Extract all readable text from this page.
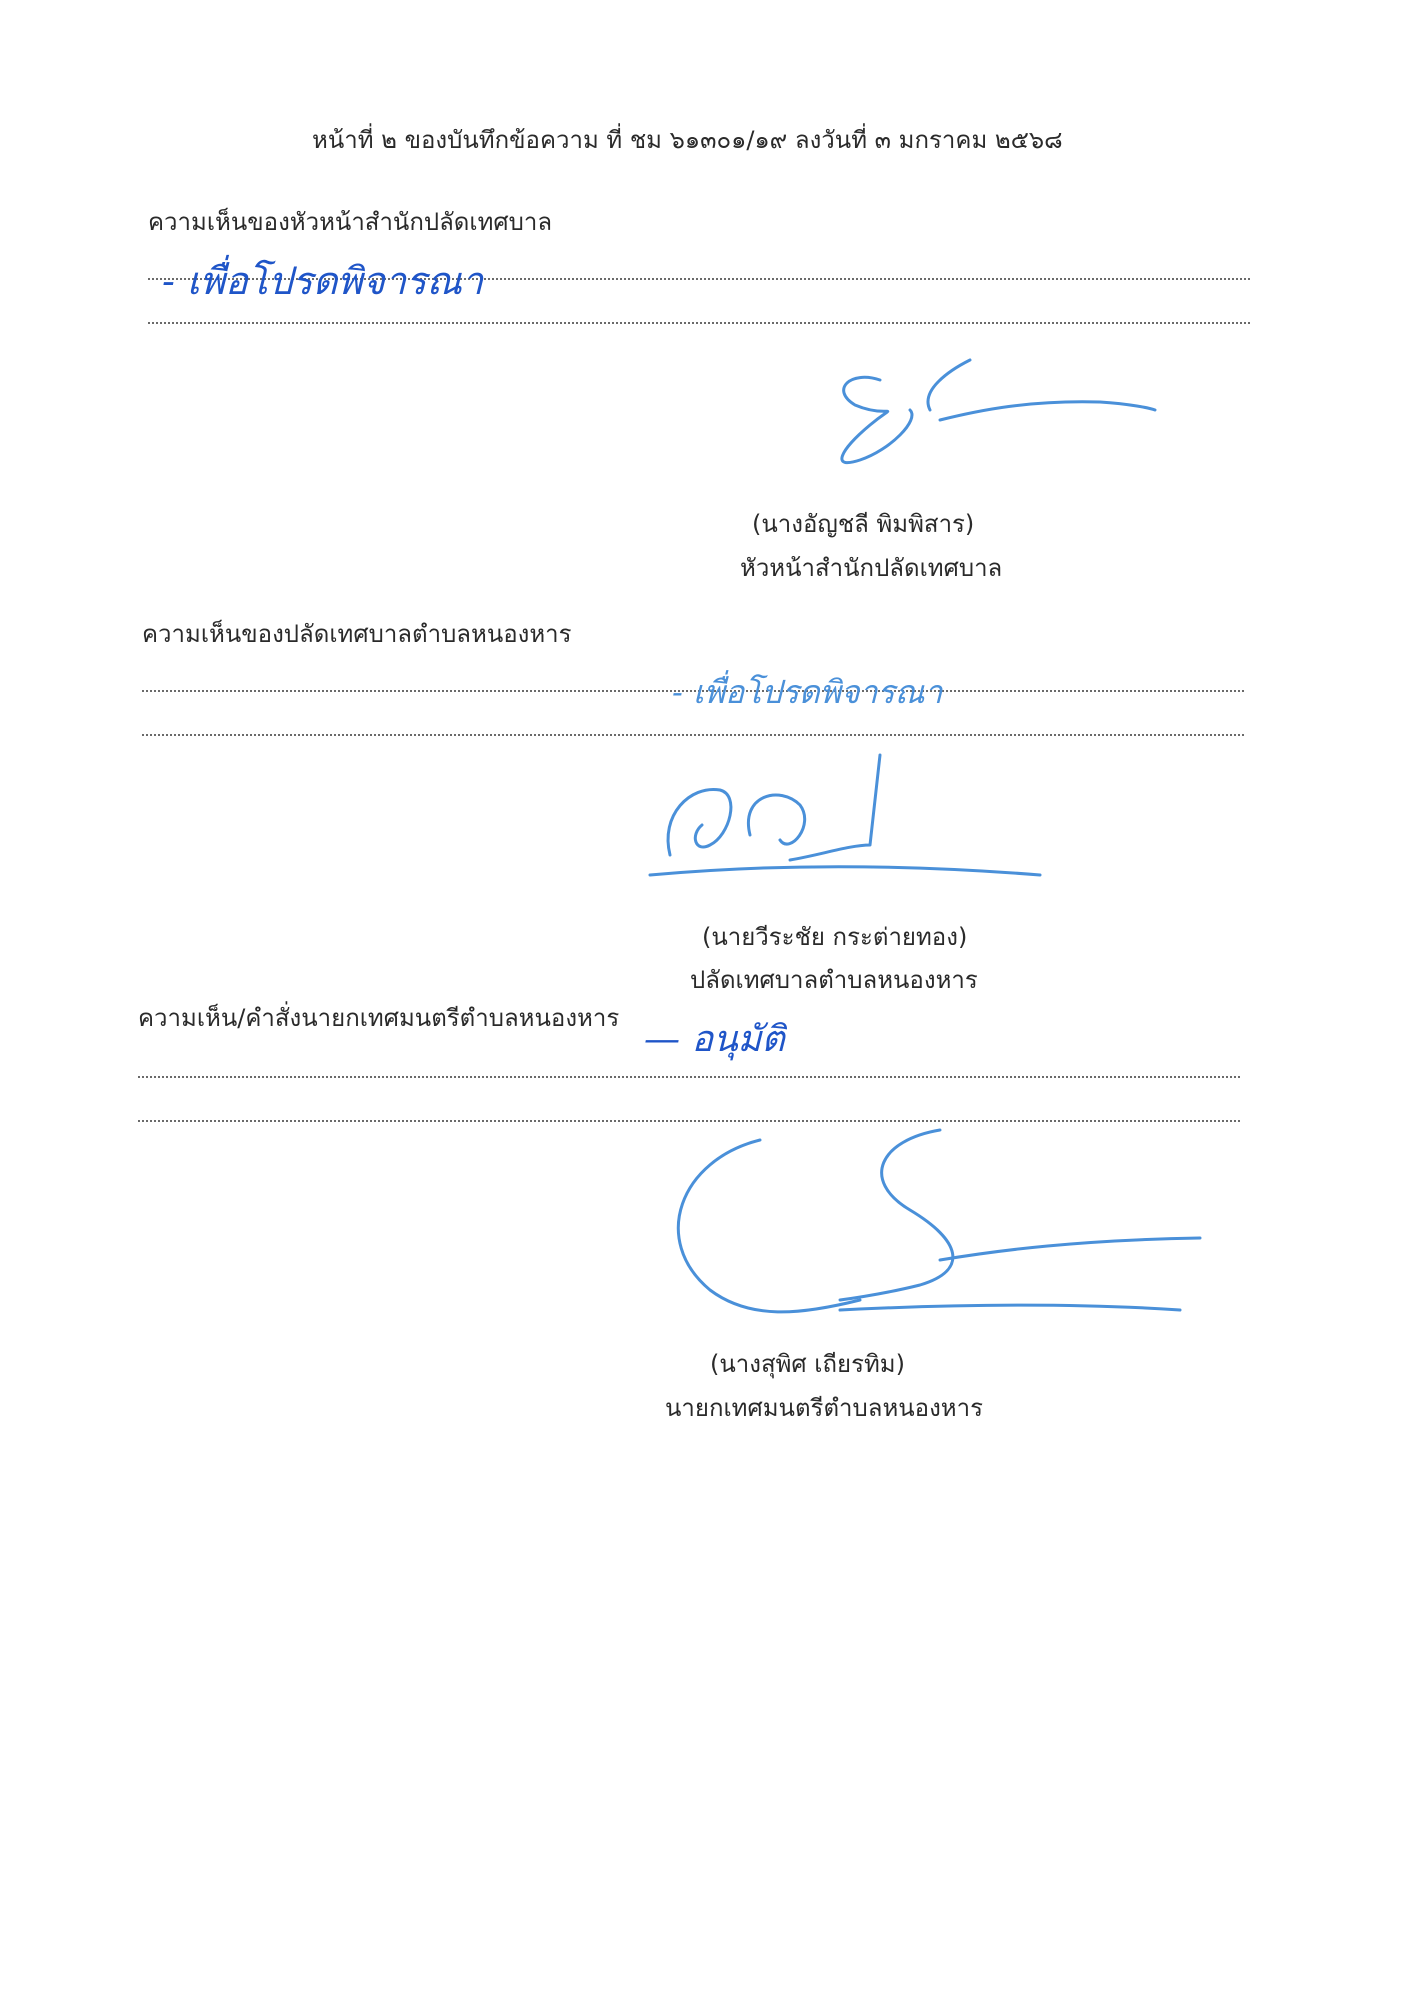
หน้าที่ ๒ ของบันทึกข้อความ ที่ ชม ๖๑๓๐๑/๑๙ ลงวันที่ ๓ มกราคม ๒๕๖๘
ความเห็นของหัวหน้าสำนักปลัดเทศบาล
- เพื่อโปรดพิจารณา
(นางอัญชลี พิมพิสาร)
หัวหน้าสำนักปลัดเทศบาล
ความเห็นของปลัดเทศบาลตำบลหนองหาร
- เพื่อโปรดพิจารณา
(นายวีระชัย กระต่ายทอง)
ปลัดเทศบาลตำบลหนองหาร
ความเห็น/คำสั่งนายกเทศมนตรีตำบลหนองหาร
— อนุมัติ
(นางสุพิศ เถียรทิม)
นายกเทศมนตรีตำบลหนองหาร
